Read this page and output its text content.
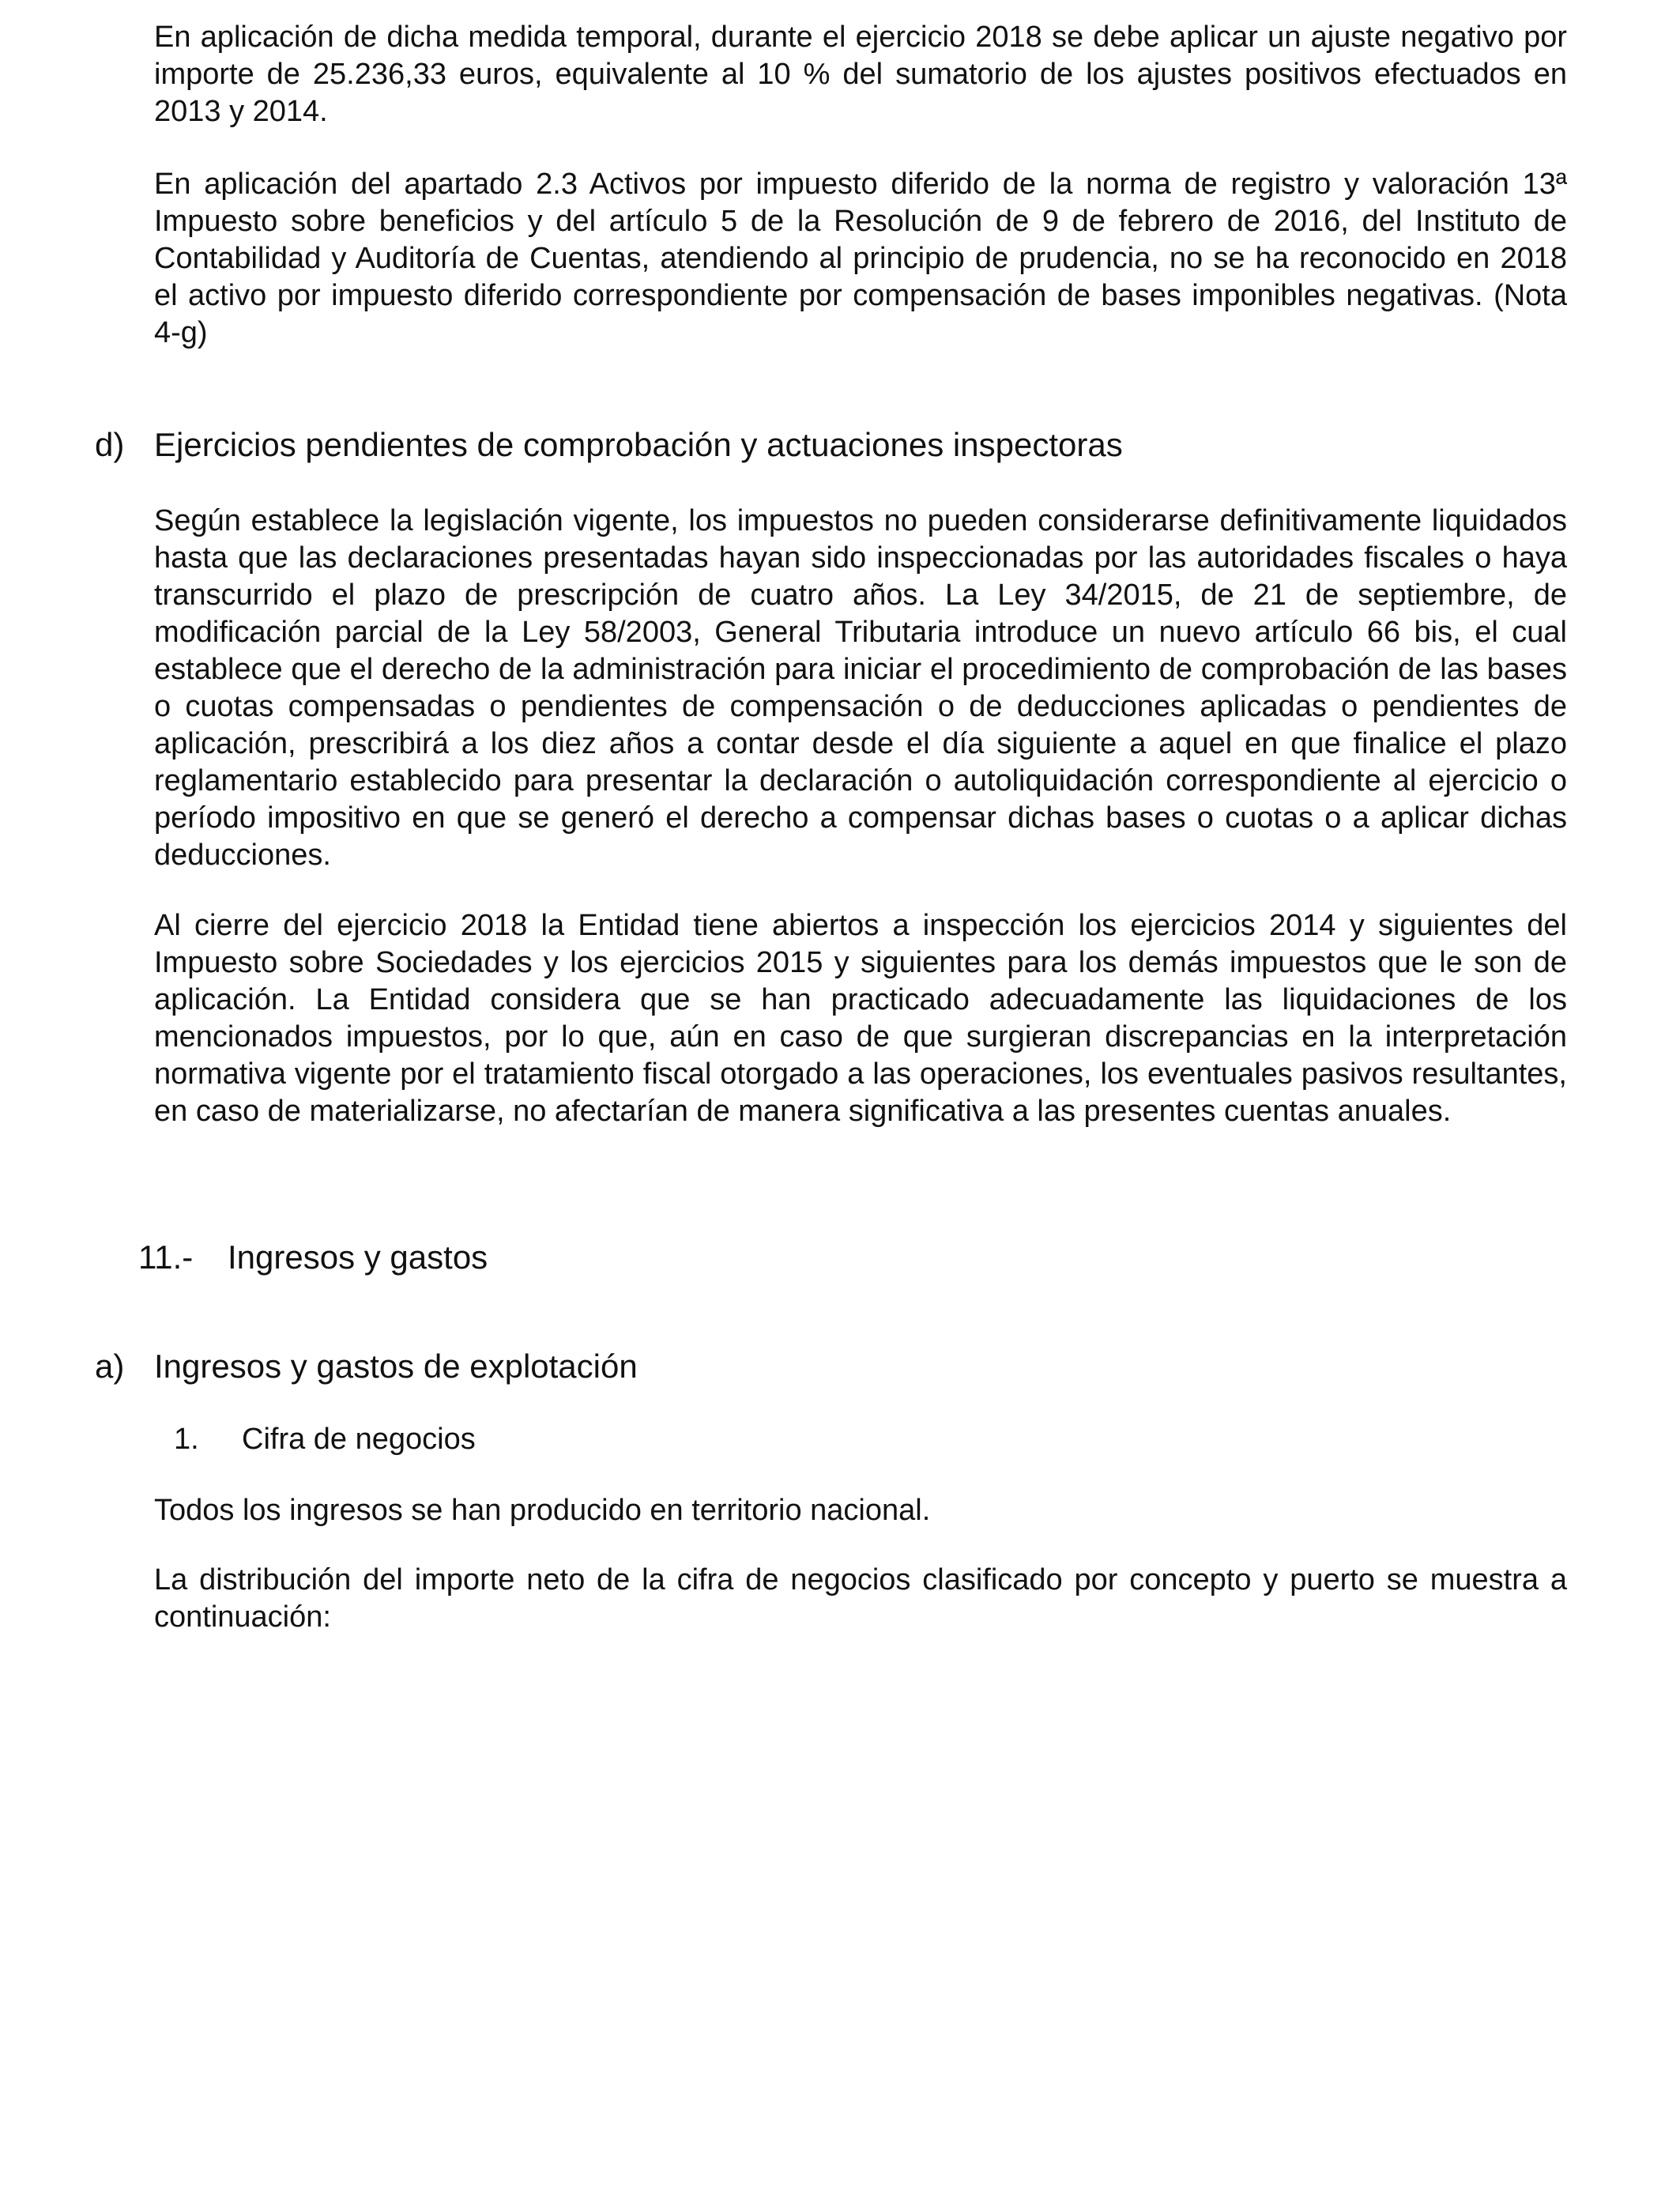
En aplicación de dicha medida temporal, durante el ejercicio 2018 se debe aplicar un ajuste negativo por importe de 25.236,33 euros, equivalente al 10 % del sumatorio de los ajustes positivos efectuados en 2013 y 2014.

En aplicación del apartado 2.3 Activos por impuesto diferido de la norma de registro y valoración 13ª Impuesto sobre beneficios y del artículo 5 de la Resolución de 9 de febrero de 2016, del Instituto de Contabilidad y Auditoría de Cuentas, atendiendo al principio de prudencia, no se ha reconocido en 2018 el activo por impuesto diferido correspondiente por compensación de bases imponibles negativas. (Nota 4-g)

d) Ejercicios pendientes de comprobación y actuaciones inspectoras

Según establece la legislación vigente, los impuestos no pueden considerarse definitivamente liquidados hasta que las declaraciones presentadas hayan sido inspeccionadas por las autoridades fiscales o haya transcurrido el plazo de prescripción de cuatro años. La Ley 34/2015, de 21 de septiembre, de modificación parcial de la Ley 58/2003, General Tributaria introduce un nuevo artículo 66 bis, el cual establece que el derecho de la administración para iniciar el procedimiento de comprobación de las bases o cuotas compensadas o pendientes de compensación o de deducciones aplicadas o pendientes de aplicación, prescribirá a los diez años a contar desde el día siguiente a aquel en que finalice el plazo reglamentario establecido para presentar la declaración o autoliquidación correspondiente al ejercicio o período impositivo en que se generó el derecho a compensar dichas bases o cuotas o a aplicar dichas deducciones.

Al cierre del ejercicio 2018 la Entidad tiene abiertos a inspección los ejercicios 2014 y siguientes del Impuesto sobre Sociedades y los ejercicios 2015 y siguientes para los demás impuestos que le son de aplicación. La Entidad considera que se han practicado adecuadamente las liquidaciones de los mencionados impuestos, por lo que, aún en caso de que surgieran discrepancias en la interpretación normativa vigente por el tratamiento fiscal otorgado a las operaciones, los eventuales pasivos resultantes, en caso de materializarse, no afectarían de manera significativa a las presentes cuentas anuales.

11.- Ingresos y gastos
a) Ingresos y gastos de explotación
1. Cifra de negocios

Todos los ingresos se han producido en territorio nacional.

La distribución del importe neto de la cifra de negocios clasificado por concepto y puerto se muestra a continuación:
